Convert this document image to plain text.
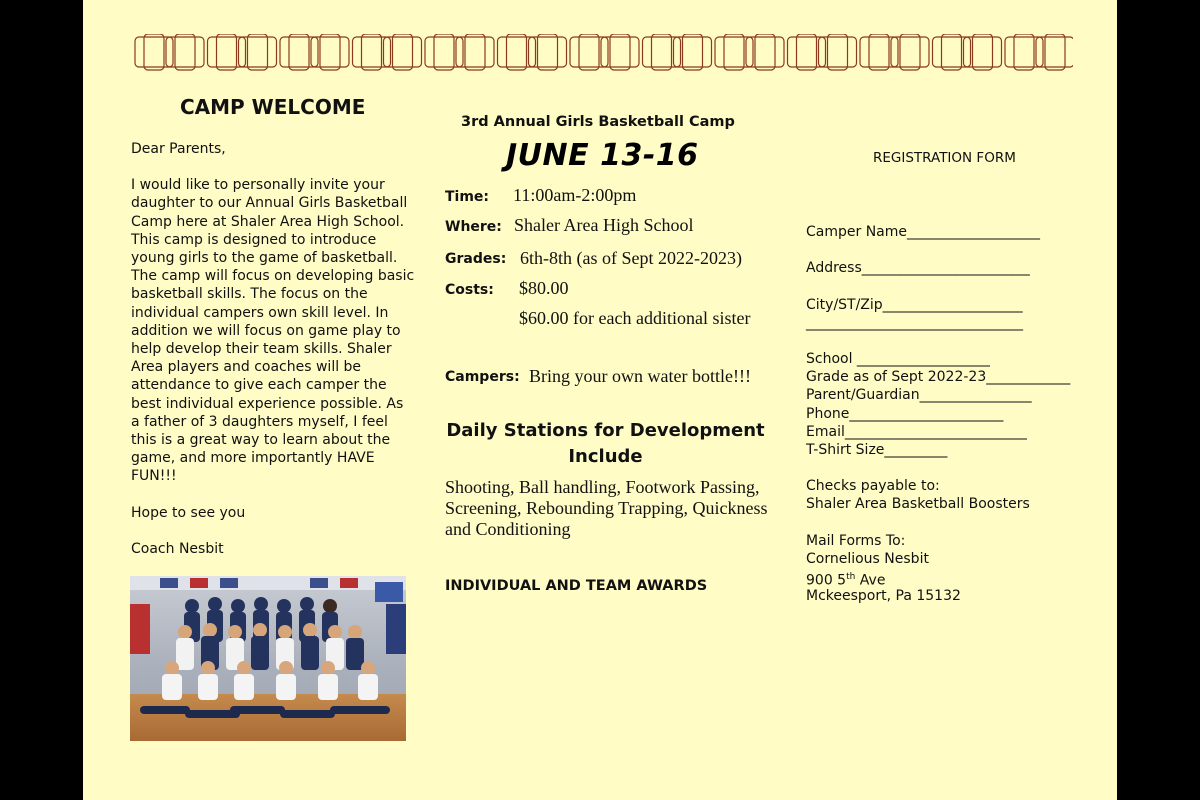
CAMP WELCOME

Dear Parents,

I would like to personally invite your daughter to our Annual Girls Basketball Camp here at Shaler Area High School. This camp is designed to introduce young girls to the game of basketball. The camp will focus on developing basic basketball skills. The focus on the individual campers own skill level. In addition we will focus on game play to help develop their team skills. Shaler Area players and coaches will be attendance to give each camper the best individual experience possible. As a father of 3 daughters myself, I feel this is a great way to learn about the game, and more importantly HAVE FUN!!!

Hope to see you

Coach Nesbit

3rd Annual Girls Basketball Camp
JUNE 13-16
Time: 11:00am-2:00pm
Where: Shaler Area High School
Grades: 6th-8th (as of Sept 2022-2023)
Costs: $80.00
$60.00 for each additional sister
Campers: Bring your own water bottle!!!
Daily Stations for Development Include
Shooting, Ball handling, Footwork Passing, Screening, Rebounding Trapping, Quickness and Conditioning
INDIVIDUAL AND TEAM AWARDS
REGISTRATION FORM
Camper Name___________________
Address________________________
City/ST/Zip____________________
_______________________________
School ___________________
Grade as of Sept 2022-23____________
Parent/Guardian________________
Phone______________________
Email__________________________
T-Shirt Size_________
Checks payable to:
Shaler Area Basketball Boosters
Mail Forms To:
Cornelious Nesbit
900 5th Ave
Mckeesport, Pa 15132
